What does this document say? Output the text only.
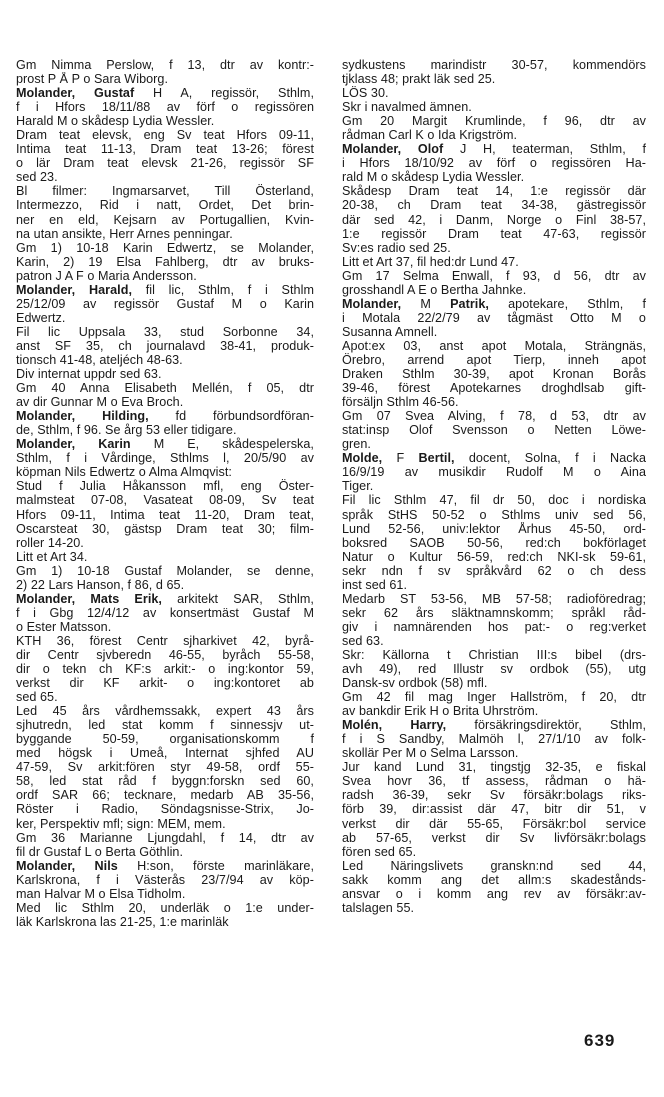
Gm Nimma Perslow, f 13, dtr av kontr:-
prost P Å P o Sara Wiborg.
Molander, Gustaf H A, regissör, Sthlm,
f i Hfors 18/11/88 av förf o regissören
Harald M o skådesp Lydia Wessler.
Dram teat elevsk, eng Sv teat Hfors 09-11,
Intima teat 11-13, Dram teat 13-26; förest
o lär Dram teat elevsk 21-26, regissör SF
sed 23.
Bl filmer: Ingmarsarvet, Till Österland,
Intermezzo, Rid i natt, Ordet, Det brin-
ner en eld, Kejsarn av Portugallien, Kvin-
na utan ansikte, Herr Arnes penningar.
Gm 1) 10-18 Karin Edwertz, se Molander,
Karin, 2) 19 Elsa Fahlberg, dtr av bruks-
patron J A F o Maria Andersson.
Molander, Harald, fil lic, Sthlm, f i Sthlm
25/12/09 av regissör Gustaf M o Karin
Edwertz.
Fil lic Uppsala 33, stud Sorbonne 34,
anst SF 35, ch journalavd 38-41, produk-
tionsch 41-48, ateljéch 48-63.
Div internat uppdr sed 63.
Gm 40 Anna Elisabeth Mellén, f 05, dtr
av dir Gunnar M o Eva Broch.
Molander, Hilding, fd förbundsordföran-
de, Sthlm, f 96. Se årg 53 eller tidigare.
Molander, Karin M E, skådespelerska,
Sthlm, f i Vårdinge, Sthlms l, 20/5/90 av
köpman Nils Edwertz o Alma Almqvist:
Stud f Julia Håkansson mfl, eng Öster-
malmsteat 07-08, Vasateat 08-09, Sv teat
Hfors 09-11, Intima teat 11-20, Dram teat,
Oscarsteat 30, gästsp Dram teat 30; film-
roller 14-20.
Litt et Art 34.
Gm 1) 10-18 Gustaf Molander, se denne,
2) 22 Lars Hanson, f 86, d 65.
Molander, Mats Erik, arkitekt SAR, Sthlm,
f i Gbg 12/4/12 av konsertmäst Gustaf M
o Ester Matsson.
KTH 36, förest Centr sjharkivet 42, byrå-
dir Centr sjvberedn 46-55, byråch 55-58,
dir o tekn ch KF:s arkit:- o ing:kontor 59,
verkst dir KF arkit- o ing:kontoret ab
sed 65.
Led 45 års vårdhemssakk, expert 43 års
sjhutredn, led stat komm f sinnessjv ut-
byggande 50-59, organisationskomm f
med högsk i Umeå, Internat sjhfed AU
47-59, Sv arkit:fören styr 49-58, ordf 55-
58, led stat råd f byggn:forskn sed 60,
ordf SAR 66; tecknare, medarb AB 35-56,
Röster i Radio, Söndagsnisse-Strix, Jo-
ker, Perspektiv mfl; sign: MEM, mem.
Gm 36 Marianne Ljungdahl, f 14, dtr av
fil dr Gustaf L o Berta Göthlin.
Molander, Nils H:son, förste marinläkare,
Karlskrona, f i Västerås 23/7/94 av köp-
man Halvar M o Elsa Tidholm.
Med lic Sthlm 20, underläk o 1:e under-
läk Karlskrona las 21-25, 1:e marinläk
sydkustens marindistr 30-57, kommendörs
tjklass 48; prakt läk sed 25.
LÖS 30.
Skr i navalmed ämnen.
Gm 20 Margit Krumlinde, f 96, dtr av
rådman Carl K o Ida Krigström.
Molander, Olof J H, teaterman, Sthlm, f
i Hfors 18/10/92 av förf o regissören Ha-
rald M o skådesp Lydia Wessler.
Skådesp Dram teat 14, 1:e regissör där
20-38, ch Dram teat 34-38, gästregissör
där sed 42, i Danm, Norge o Finl 38-57,
1:e regissör Dram teat 47-63, regissör
Sv:es radio sed 25.
Litt et Art 37, fil hed:dr Lund 47.
Gm 17 Selma Enwall, f 93, d 56, dtr av
grosshandl A E o Bertha Jahnke.
Molander, M Patrik, apotekare, Sthlm, f
i Motala 22/2/79 av tågmäst Otto M o
Susanna Amnell.
Apot:ex 03, anst apot Motala, Strängnäs,
Örebro, arrend apot Tierp, inneh apot
Draken Sthlm 30-39, apot Kronan Borås
39-46, förest Apotekarnes droghdlsab gift-
försäljn Sthlm 46-56.
Gm 07 Svea Alving, f 78, d 53, dtr av
stat:insp Olof Svensson o Netten Löwe-
gren.
Molde, F Bertil, docent, Solna, f i Nacka
16/9/19 av musikdir Rudolf M o Aina
Tiger.
Fil lic Sthlm 47, fil dr 50, doc i nordiska
språk StHS 50-52 o Sthlms univ sed 56,
Lund 52-56, univ:lektor Århus 45-50, ord-
boksred SAOB 50-56, red:ch bokförlaget
Natur o Kultur 56-59, red:ch NKI-sk 59-61,
sekr ndn f sv språkvård 62 o ch dess
inst sed 61.
Medarb ST 53-56, MB 57-58; radioföredrag;
sekr 62 års släktnamnskomm; språkl råd-
giv i namnärenden hos pat:- o reg:verket
sed 63.
Skr: Källorna t Christian III:s bibel (drs-
avh 49), red Illustr sv ordbok (55), utg
Dansk-sv ordbok (58) mfl.
Gm 42 fil mag Inger Hallström, f 20, dtr
av bankdir Erik H o Brita Uhrström.
Molén, Harry, försäkringsdirektör, Sthlm,
f i S Sandby, Malmöh l, 27/1/10 av folk-
skollär Per M o Selma Larsson.
Jur kand Lund 31, tingstjg 32-35, e fiskal
Svea hovr 36, tf assess, rådman o hä-
radsh 36-39, sekr Sv försäkr:bolags riks-
förb 39, dir:assist där 47, bitr dir 51, v
verkst dir där 55-65, Försäkr:bol service
ab 57-65, verkst dir Sv livförsäkr:bolags
fören sed 65.
Led Näringslivets granskn:nd sed 44,
sakk komm ang det allm:s skadestånds-
ansvar o i komm ang rev av försäkr:av-
talslagen 55.
639
